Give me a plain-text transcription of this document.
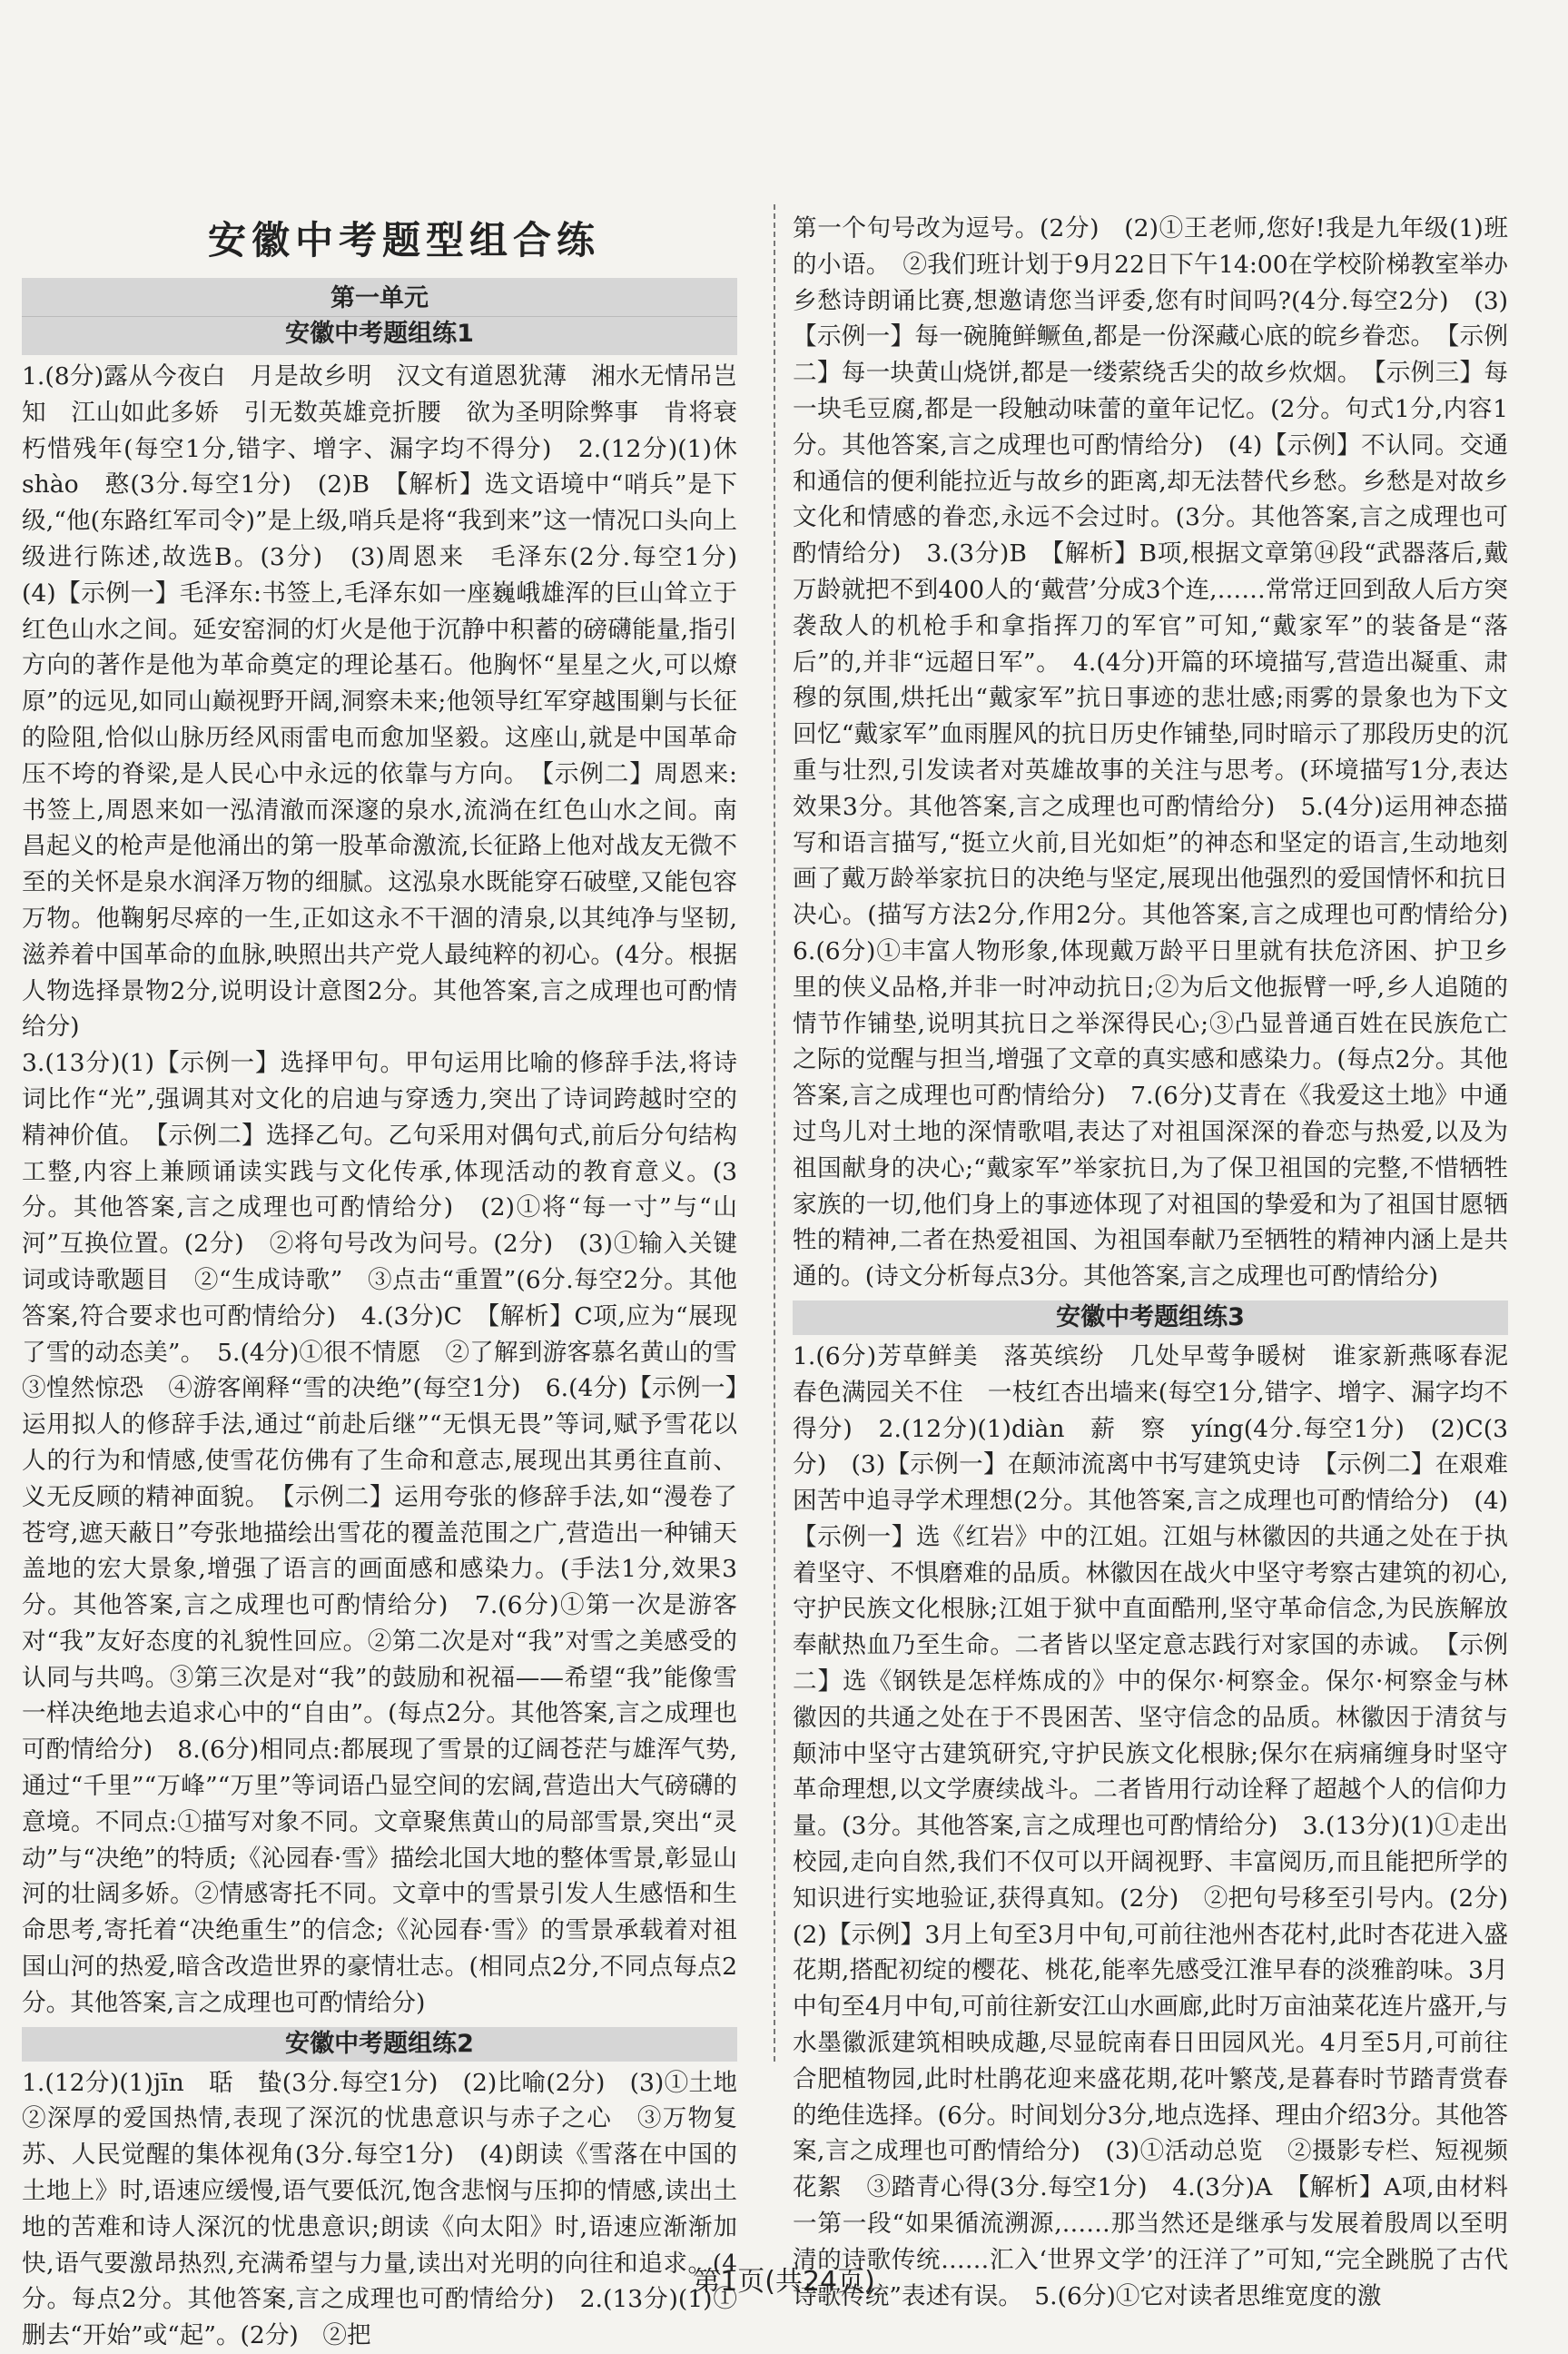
安徽中考题型组合练
第一单元
安徽中考题组练1

1.(8分)露从今夜白　月是故乡明　汉文有道恩犹薄　湘水无情吊岂知　江山如此多娇　引无数英雄竞折腰　欲为圣明除弊事　肯将衰朽惜残年(每空1分,错字、增字、漏字均不得分)　2.(12分)(1)休　shào　憨(3分.每空1分)　(2)B　【解析】选文语境中“哨兵”是下级,“他(东路红军司令)”是上级,哨兵是将“我到来”这一情况口头向上级进行陈述,故选B。(3分)　(3)周恩来　毛泽东(2分.每空1分)　(4)【示例一】毛泽东:书签上,毛泽东如一座巍峨雄浑的巨山耸立于红色山水之间。延安窑洞的灯火是他于沉静中积蓄的磅礴能量,指引方向的著作是他为革命奠定的理论基石。他胸怀“星星之火,可以燎原”的远见,如同山巅视野开阔,洞察未来;他领导红军穿越围剿与长征的险阻,恰似山脉历经风雨雷电而愈加坚毅。这座山,就是中国革命压不垮的脊梁,是人民心中永远的依靠与方向。　【示例二】周恩来:书签上,周恩来如一泓清澈而深邃的泉水,流淌在红色山水之间。南昌起义的枪声是他涌出的第一股革命激流,长征路上他对战友无微不至的关怀是泉水润泽万物的细腻。这泓泉水既能穿石破壁,又能包容万物。他鞠躬尽瘁的一生,正如这永不干涸的清泉,以其纯净与坚韧,滋养着中国革命的血脉,映照出共产党人最纯粹的初心。(4分。根据人物选择景物2分,说明设计意图2分。其他答案,言之成理也可酌情给分)

3.(13分)(1)【示例一】选择甲句。甲句运用比喻的修辞手法,将诗词比作“光”,强调其对文化的启迪与穿透力,突出了诗词跨越时空的精神价值。　【示例二】选择乙句。乙句采用对偶句式,前后分句结构工整,内容上兼顾诵读实践与文化传承,体现活动的教育意义。(3分。其他答案,言之成理也可酌情给分)　(2)①将“每一寸”与“山河”互换位置。(2分)　②将句号改为问号。(2分)　(3)①输入关键词或诗歌题目　②“生成诗歌”　③点击“重置”(6分.每空2分。其他答案,符合要求也可酌情给分)　4.(3分)C　【解析】C项,应为“展现了雪的动态美”。　5.(4分)①很不情愿　②了解到游客慕名黄山的雪　③惶然惊恐　④游客阐释“雪的决绝”(每空1分)　6.(4分)【示例一】运用拟人的修辞手法,通过“前赴后继”“无惧无畏”等词,赋予雪花以人的行为和情感,使雪花仿佛有了生命和意志,展现出其勇往直前、义无反顾的精神面貌。　【示例二】运用夸张的修辞手法,如“漫卷了苍穹,遮天蔽日”夸张地描绘出雪花的覆盖范围之广,营造出一种铺天盖地的宏大景象,增强了语言的画面感和感染力。(手法1分,效果3分。其他答案,言之成理也可酌情给分)　7.(6分)①第一次是游客对“我”友好态度的礼貌性回应。②第二次是对“我”对雪之美感受的认同与共鸣。③第三次是对“我”的鼓励和祝福——希望“我”能像雪一样决绝地去追求心中的“自由”。(每点2分。其他答案,言之成理也可酌情给分)　8.(6分)相同点:都展现了雪景的辽阔苍茫与雄浑气势,通过“千里”“万峰”“万里”等词语凸显空间的宏阔,营造出大气磅礴的意境。不同点:①描写对象不同。文章聚焦黄山的局部雪景,突出“灵动”与“决绝”的特质;《沁园春·雪》描绘北国大地的整体雪景,彰显山河的壮阔多娇。②情感寄托不同。文章中的雪景引发人生感悟和生命思考,寄托着“决绝重生”的信念;《沁园春·雪》的雪景承载着对祖国山河的热爱,暗含改造世界的豪情壮志。(相同点2分,不同点每点2分。其他答案,言之成理也可酌情给分)

安徽中考题组练2

1.(12分)(1)jīn　聒　蛰(3分.每空1分)　(2)比喻(2分)　(3)①土地　②深厚的爱国热情,表现了深沉的忧患意识与赤子之心　③万物复苏、人民觉醒的集体视角(3分.每空1分)　(4)朗读《雪落在中国的土地上》时,语速应缓慢,语气要低沉,饱含悲悯与压抑的情感,读出土地的苦难和诗人深沉的忧患意识;朗读《向太阳》时,语速应渐渐加快,语气要激昂热烈,充满希望与力量,读出对光明的向往和追求。(4分。每点2分。其他答案,言之成理也可酌情给分)　2.(13分)(1)①删去“开始”或“起”。(2分)　②把

第一个句号改为逗号。(2分)　(2)①王老师,您好!我是九年级(1)班的小语。　②我们班计划于9月22日下午14:00在学校阶梯教室举办乡愁诗朗诵比赛,想邀请您当评委,您有时间吗?(4分.每空2分)　(3)【示例一】每一碗腌鲜鳜鱼,都是一份深藏心底的皖乡眷恋。　【示例二】每一块黄山烧饼,都是一缕萦绕舌尖的故乡炊烟。　【示例三】每一块毛豆腐,都是一段触动味蕾的童年记忆。(2分。句式1分,内容1分。其他答案,言之成理也可酌情给分)　(4)【示例】不认同。交通和通信的便利能拉近与故乡的距离,却无法替代乡愁。乡愁是对故乡文化和情感的眷恋,永远不会过时。(3分。其他答案,言之成理也可酌情给分)　3.(3分)B　【解析】B项,根据文章第⑭段“武器落后,戴万龄就把不到400人的‘戴营’分成3个连,……常常迂回到敌人后方突袭敌人的机枪手和拿指挥刀的军官”可知,“戴家军”的装备是“落后”的,并非“远超日军”。　4.(4分)开篇的环境描写,营造出凝重、肃穆的氛围,烘托出“戴家军”抗日事迹的悲壮感;雨雾的景象也为下文回忆“戴家军”血雨腥风的抗日历史作铺垫,同时暗示了那段历史的沉重与壮烈,引发读者对英雄故事的关注与思考。(环境描写1分,表达效果3分。其他答案,言之成理也可酌情给分)　5.(4分)运用神态描写和语言描写,“挺立火前,目光如炬”的神态和坚定的语言,生动地刻画了戴万龄举家抗日的决绝与坚定,展现出他强烈的爱国情怀和抗日决心。(描写方法2分,作用2分。其他答案,言之成理也可酌情给分)　6.(6分)①丰富人物形象,体现戴万龄平日里就有扶危济困、护卫乡里的侠义品格,并非一时冲动抗日;②为后文他振臂一呼,乡人追随的情节作铺垫,说明其抗日之举深得民心;③凸显普通百姓在民族危亡之际的觉醒与担当,增强了文章的真实感和感染力。(每点2分。其他答案,言之成理也可酌情给分)　7.(6分)艾青在《我爱这土地》中通过鸟儿对土地的深情歌唱,表达了对祖国深深的眷恋与热爱,以及为祖国献身的决心;“戴家军”举家抗日,为了保卫祖国的完整,不惜牺牲家族的一切,他们身上的事迹体现了对祖国的挚爱和为了祖国甘愿牺牲的精神,二者在热爱祖国、为祖国奉献乃至牺牲的精神内涵上是共通的。(诗文分析每点3分。其他答案,言之成理也可酌情给分)

安徽中考题组练3

1.(6分)芳草鲜美　落英缤纷　几处早莺争暖树　谁家新燕啄春泥　春色满园关不住　一枝红杏出墙来(每空1分,错字、增字、漏字均不得分)　2.(12分)(1)diàn　薪　察　yíng(4分.每空1分)　(2)C(3分)　(3)【示例一】在颠沛流离中书写建筑史诗　【示例二】在艰难困苦中追寻学术理想(2分。其他答案,言之成理也可酌情给分)　(4)【示例一】选《红岩》中的江姐。江姐与林徽因的共通之处在于执着坚守、不惧磨难的品质。林徽因在战火中坚守考察古建筑的初心,守护民族文化根脉;江姐于狱中直面酷刑,坚守革命信念,为民族解放奉献热血乃至生命。二者皆以坚定意志践行对家国的赤诚。　【示例二】选《钢铁是怎样炼成的》中的保尔·柯察金。保尔·柯察金与林徽因的共通之处在于不畏困苦、坚守信念的品质。林徽因于清贫与颠沛中坚守古建筑研究,守护民族文化根脉;保尔在病痛缠身时坚守革命理想,以文学赓续战斗。二者皆用行动诠释了超越个人的信仰力量。(3分。其他答案,言之成理也可酌情给分)　3.(13分)(1)①走出校园,走向自然,我们不仅可以开阔视野、丰富阅历,而且能把所学的知识进行实地验证,获得真知。(2分)　②把句号移至引号内。(2分)　(2)【示例】3月上旬至3月中旬,可前往池州杏花村,此时杏花进入盛花期,搭配初绽的樱花、桃花,能率先感受江淮早春的淡雅韵味。3月中旬至4月中旬,可前往新安江山水画廊,此时万亩油菜花连片盛开,与水墨徽派建筑相映成趣,尽显皖南春日田园风光。4月至5月,可前往合肥植物园,此时杜鹃花迎来盛花期,花叶繁茂,是暮春时节踏青赏春的绝佳选择。(6分。时间划分3分,地点选择、理由介绍3分。其他答案,言之成理也可酌情给分)　(3)①活动总览　②摄影专栏、短视频花絮　③踏青心得(3分.每空1分)　4.(3分)A　【解析】A项,由材料一第一段“如果循流溯源,……那当然还是继承与发展着殷周以至明清的诗歌传统……汇入‘世界文学’的汪洋了”可知,“完全跳脱了古代诗歌传统”表述有误。　5.(6分)①它对读者思维宽度的激

第1页(共24页)
